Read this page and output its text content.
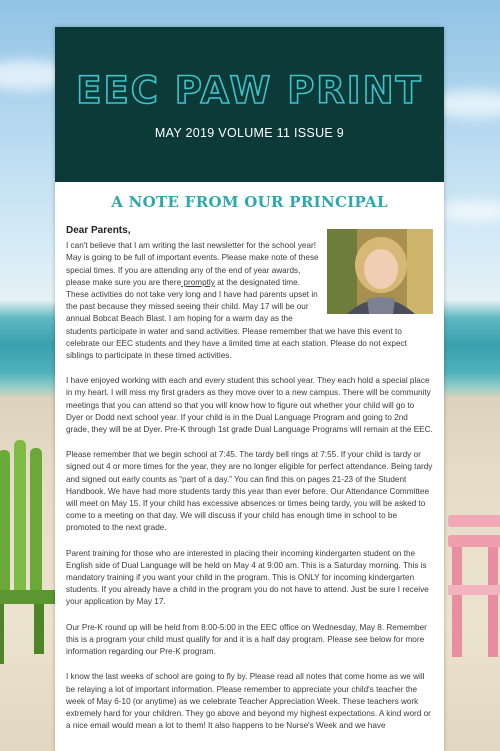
EEC PAW PRINT
MAY 2019 VOLUME 11 ISSUE 9
A NOTE FROM OUR PRINCIPAL
Dear Parents,

I can't believe that I am writing the last newsletter for the school year! May is going to be full of important events. Please make note of these special times. If you are attending any of the end of year awards, please make sure you are there promptly at the designated time. These activities do not take very long and I have had parents upset in the past because they missed seeing their child. May 17 will be our annual Bobcat Beach Blast. I am hoping for a warm day as the students participate in water and sand activities. Please remember that we have this event to celebrate our EEC students and they have a limited time at each station. Please do not expect siblings to participate in these timed activities.

I have enjoyed working with each and every student this school year. They each hold a special place in my heart. I will miss my first graders as they move over to a new campus. There will be community meetings that you can attend so that you will know how to figure out whether your child will go to Dyer or Dodd next school year. If your child is in the Dual Language Program and going to 2nd grade, they will be at Dyer. Pre-K through 1st grade Dual Language Programs will remain at the EEC.

Please remember that we begin school at 7:45. The tardy bell rings at 7:55. If your child is tardy or signed out 4 or more times for the year, they are no longer eligible for perfect attendance. Being tardy and signed out early counts as “part of a day.” You can find this on pages 21-23 of the Student Handbook. We have had more students tardy this year than ever before. Our Attendance Committee will meet on May 15. If your child has excessive absences or times being tardy, you will be asked to come to a meeting on that day. We will discuss if your child has enough time in school to be promoted to the next grade.

Parent training for those who are interested in placing their incoming kindergarten student on the English side of Dual Language will be held on May 4 at 9:00 am. This is a Saturday morning. This is mandatory training if you want your child in the program. This is ONLY for incoming kindergarten students. If you already have a child in the program you do not have to attend. Just be sure I receive your application by May 17.

Our Pre-K round up will be held from 8:00-5:00 in the EEC office on Wednesday, May 8. Remember this is a program your child must qualify for and it is a half day program. Please see below for more information regarding our Pre-K program.

I know the last weeks of school are going to fly by. Please read all notes that come home as we will be relaying a lot of important information. Please remember to appreciate your child's teacher the week of May 6-10 (or anytime) as we celebrate Teacher Appreciation Week. These teachers work extremely hard for your children. They go above and beyond my highest expectations. A kind word or a nice email would mean a lot to them! It also happens to be Nurse's Week and we have
